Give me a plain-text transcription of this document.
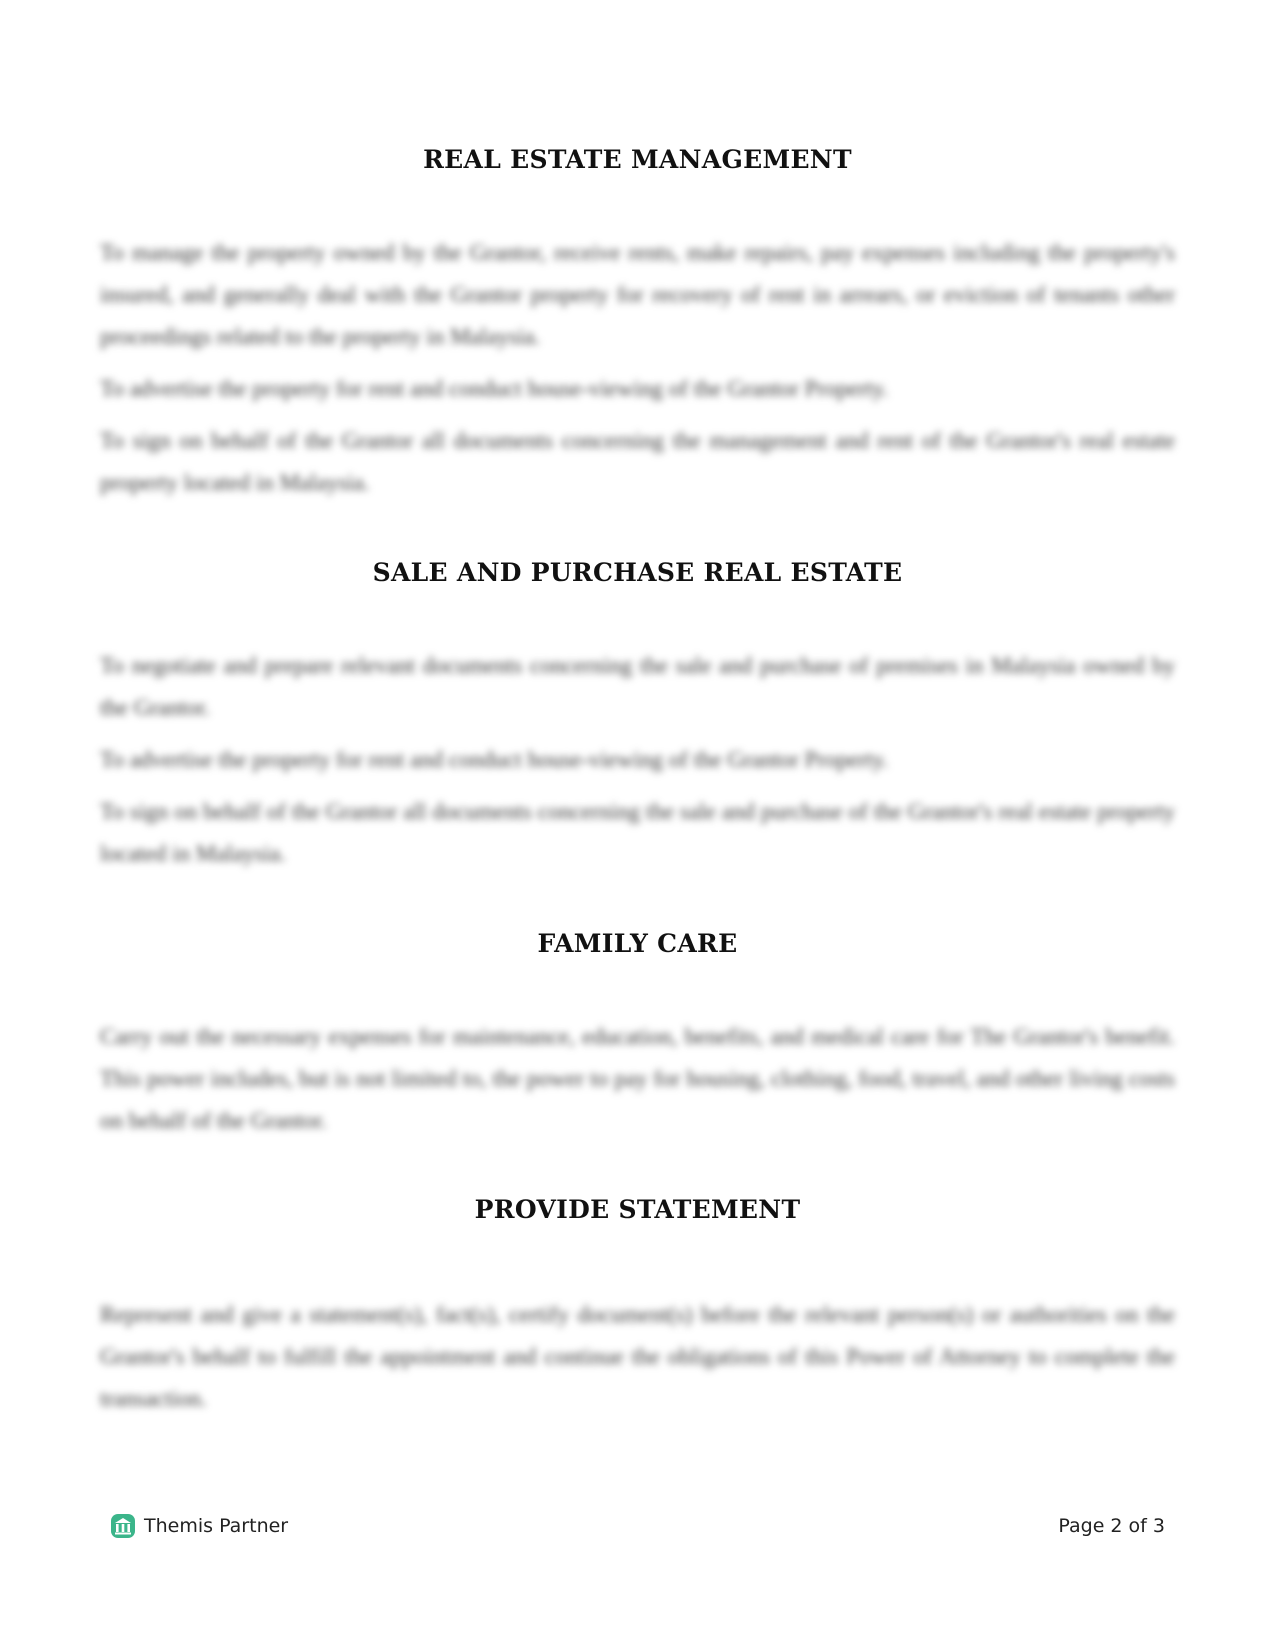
REAL ESTATE MANAGEMENT

To manage the property owned by the Grantor, receive rents, make repairs, pay expenses including the property's insured, and generally deal with the Grantor property for recovery of rent in arrears, or eviction of tenants other proceedings related to the property in Malaysia.

To advertise the property for rent and conduct house-viewing of the Grantor Property.

To sign on behalf of the Grantor all documents concerning the management and rent of the Grantor's real estate property located in Malaysia.

SALE AND PURCHASE REAL ESTATE

To negotiate and prepare relevant documents concerning the sale and purchase of premises in Malaysia owned by the Grantor.

To advertise the property for rent and conduct house-viewing of the Grantor Property.

To sign on behalf of the Grantor all documents concerning the sale and purchase of the Grantor's real estate property located in Malaysia.

FAMILY CARE

Carry out the necessary expenses for maintenance, education, benefits, and medical care for The Grantor's benefit. This power includes, but is not limited to, the power to pay for housing, clothing, food, travel, and other living costs on behalf of the Grantor.

PROVIDE STATEMENT

Represent and give a statement(s), fact(s), certify document(s) before the relevant person(s) or authorities on the Grantor's behalf to fulfill the appointment and continue the obligations of this Power of Attorney to complete the transaction.

Themis Partner	Page 2 of 3
